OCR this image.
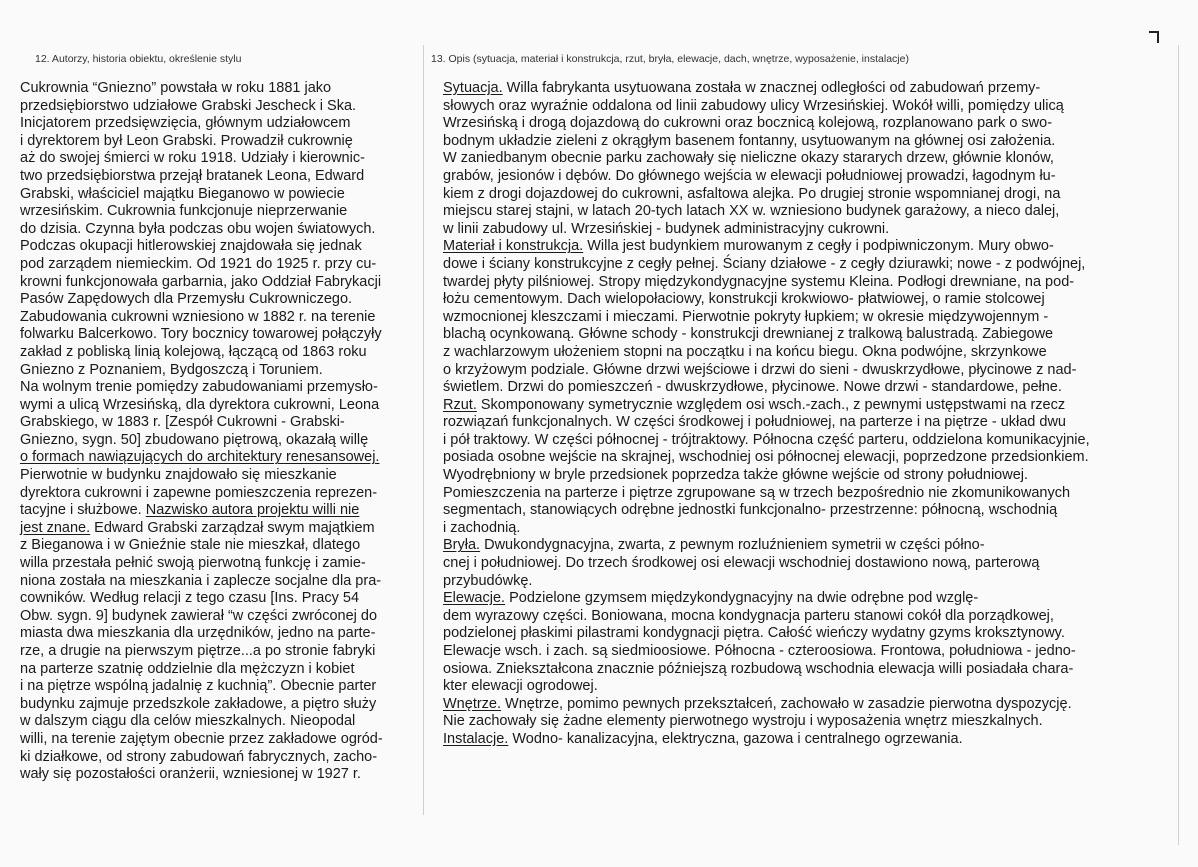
12. Autorzy, historia obiektu, określenie stylu	13. Opis (sytuacja, materiał i konstrukcja, rzut, bryła, elewacje, dach, wnętrze, wyposażenie, instalacje)
Cukrownia “Gniezno” powstała w roku 1881 jako
przedsiębiorstwo udziałowe Grabski Jescheck i Ska.
Inicjatorem przedsięwzięcia, głównym udziałowcem
i dyrektorem był Leon Grabski. Prowadził cukrownię
aż do swojej śmierci w roku 1918. Udziały i kierownic-
two przedsiębiorstwa przejął bratanek Leona, Edward
Grabski, właściciel majątku Bieganowo w powiecie
wrzesińskim. Cukrownia funkcjonuje nieprzerwanie
do dzisia. Czynna była podczas obu wojen światowych.
Podczas okupacji hitlerowskiej znajdowała się jednak
pod zarządem niemieckim. Od 1921 do 1925 r. przy cu-
krowni funkcjonowała garbarnia, jako Oddział Fabrykacji
Pasów Zapędowych dla Przemysłu Cukrowniczego.
Zabudowania cukrowni wzniesiono w 1882 r. na terenie
folwarku Balcerkowo. Tory bocznicy towarowej połączyły
zakład z pobliską linią kolejową, łączącą od 1863 roku
Gniezno z Poznaniem, Bydgoszczą i Toruniem.
Na wolnym trenie pomiędzy zabudowaniami przemysło-
wymi a ulicą Wrzesińską, dla dyrektora cukrowni, Leona
Grabskiego, w 1883 r. [Zespół Cukrowni - Grabski-
Gniezno, sygn. 50] zbudowano piętrową, okazałą willę
o formach nawiązujących do architektury renesansowej.
Pierwotnie w budynku znajdowało się mieszkanie
dyrektora cukrowni i zapewne pomieszczenia reprezen-
tacyjne i służbowe. Nazwisko autora projektu willi nie
jest znane. Edward Grabski zarządzał swym majątkiem
z Bieganowa i w Gnieźnie stale nie mieszkał, dlatego
willa przestała pełnić swoją pierwotną funkcję i zamie-
niona została na mieszkania i zaplecze socjalne dla pra-
cowników. Według relacji z tego czasu [Ins. Pracy 54
Obw. sygn. 9] budynek zawierał “w części zwróconej do
miasta dwa mieszkania dla urzędników, jedno na parte-
rze, a drugie na pierwszym piętrze...a po stronie fabryki
na parterze szatnię oddzielnie dla mężczyzn i kobiet
i na piętrze wspólną jadalnię z kuchnią”. Obecnie parter
budynku zajmuje przedszkole zakładowe, a piętro służy
w dalszym ciągu dla celów mieszkalnych. Nieopodal
willi, na terenie zajętym obecnie przez zakładowe ogród-
ki działkowe, od strony zabudowań fabrycznych, zacho-
wały się pozostałości oranżerii, wzniesionej w 1927 r.
Sytuacja. Willa fabrykanta usytuowana została w znacznej odległości od zabudowań przemy-
słowych oraz wyraźnie oddalona od linii zabudowy ulicy Wrzesińskiej. Wokół willi, pomiędzy ulicą
Wrzesińską i drogą dojazdową do cukrowni oraz bocznicą kolejową, rozplanowano park o swo-
bodnym układzie zieleni z okrągłym basenem fontanny, usytuowanym na głównej osi założenia.
W zaniedbanym obecnie parku zachowały się nieliczne okazy stararych drzew, głównie klonów,
grabów, jesionów i dębów. Do głównego wejścia w elewacji południowej prowadzi, łagodnym łu-
kiem z drogi dojazdowej do cukrowni, asfaltowa alejka. Po drugiej stronie wspomnianej drogi, na
miejscu starej stajni, w latach 20-tych latach XX w. wzniesiono budynek garażowy, a nieco dalej,
w linii zabudowy ul. Wrzesińskiej - budynek administracyjny cukrowni.
Materiał i konstrukcja. Willa jest budynkiem murowanym z cegły i podpiwniczonym. Mury obwo-
dowe i ściany konstrukcyjne z cegły pełnej. Ściany działowe - z cegły dziurawki; nowe - z podwójnej,
twardej płyty pilśniowej. Stropy międzykondygnacyjne systemu Kleina. Podłogi drewniane, na pod-
łożu cementowym. Dach wielopołaciowy, konstrukcji krokwiowo- płatwiowej, o ramie stolcowej
wzmocnionej kleszczami i mieczami. Pierwotnie pokryty łupkiem; w okresie międzywojennym -
blachą ocynkowaną. Główne schody - konstrukcji drewnianej z tralkową balustradą. Zabiegowe
z wachlarzowym ułożeniem stopni na początku i na końcu biegu. Okna podwójne, skrzynkowe
o krzyżowym podziale. Główne drzwi wejściowe i drzwi do sieni - dwuskrzydłowe, płycinowe z nad-
świetlem. Drzwi do pomieszczeń - dwuskrzydłowe, płycinowe. Nowe drzwi - standardowe, pełne.
Rzut. Skomponowany symetrycznie względem osi wsch.-zach., z pewnymi ustępstwami na rzecz
rozwiązań funkcjonalnych. W części środkowej i południowej, na parterze i na piętrze - układ dwu
i pół traktowy. W części północnej - trójtraktowy. Północna część parteru, oddzielona komunikacyjnie,
posiada osobne wejście na skrajnej, wschodniej osi północnej elewacji, poprzedzone przedsionkiem.
Wyodrębniony w bryle przedsionek poprzedza także główne wejście od strony południowej.
Pomieszczenia na parterze i piętrze zgrupowane są w trzech bezpośrednio nie zkomunikowanych
segmentach, stanowiących odrębne jednostki funkcjonalno- przestrzenne: północną, wschodnią
i zachodnią.
Bryła. Dwukondygnacyjna, zwarta, z pewnym rozluźnieniem symetrii w części półno-
cnej i południowej. Do trzech środkowej osi elewacji wschodniej dostawiono nową, parterową
przybudówkę.
Elewacje. Podzielone gzymsem międzykondygnacyjny na dwie odrębne pod wzglę-
dem wyrazowy części. Boniowana, mocna kondygnacja parteru stanowi cokół dla porządkowej,
podzielonej płaskimi pilastrami kondygnacji piętra. Całość wieńczy wydatny gzyms kroksztynowy.
Elewacje wsch. i zach. są siedmioosiowe. Północna - czteroosiowa. Frontowa, południowa - jedno-
osiowa. Zniekształcona znacznie późniejszą rozbudową wschodnia elewacja willi posiadała chara-
kter elewacji ogrodowej.
Wnętrze. Wnętrze, pomimo pewnych przekształceń, zachowało w zasadzie pierwotna dyspozycję.
Nie zachowały się żadne elementy pierwotnego wystroju i wyposażenia wnętrz mieszkalnych.
Instalacje. Wodno- kanalizacyjna, elektryczna, gazowa i centralnego ogrzewania.
